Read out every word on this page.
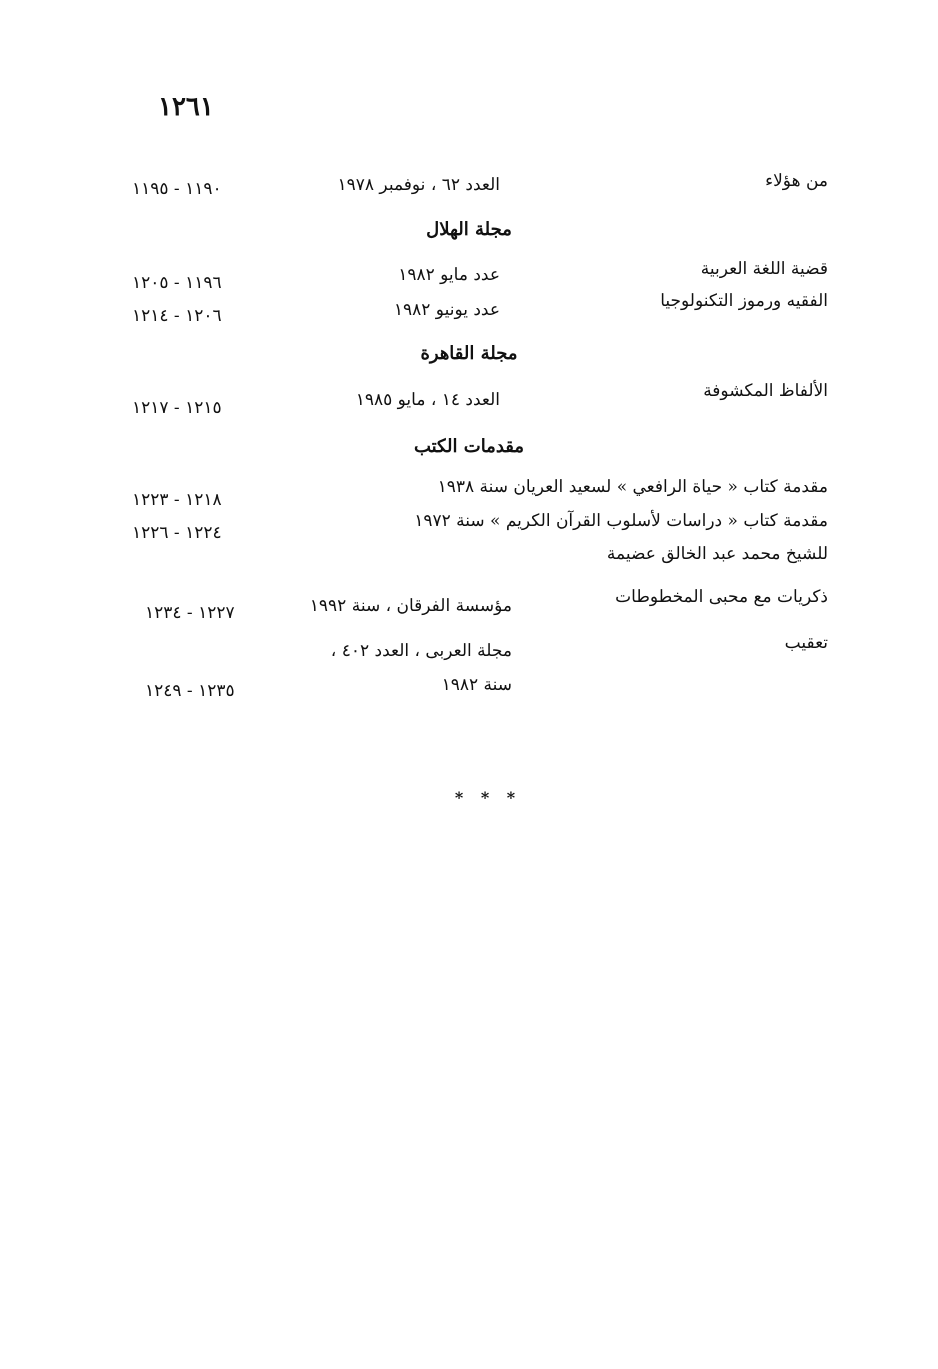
١٢٦١
من هؤلاء
العدد ٦٢ ، نوفمبر ١٩٧٨
١١٩٠ - ١١٩٥
مجلة الهلال
قضية اللغة العربية
عدد مايو ١٩٨٢
١١٩٦ - ١٢٠٥
الفقيه ورموز التكنولوجيا
عدد يونيو ١٩٨٢
١٢٠٦ - ١٢١٤
مجلة القاهرة
الألفاظ المكشوفة
العدد ١٤ ، مايو ١٩٨٥
١٢١٥ - ١٢١٧
مقدمات الكتب
مقدمة كتاب « حياة الرافعي » لسعيد العريان سنة ١٩٣٨
١٢١٨ - ١٢٢٣
مقدمة كتاب « دراسات لأسلوب القرآن الكريم » سنة ١٩٧٢
١٢٢٤ - ١٢٢٦
للشيخ محمد عبد الخالق عضيمة
ذكريات مع محبى المخطوطات
مؤسسة الفرقان ، سنة ١٩٩٢
١٢٢٧ - ١٢٣٤
تعقيب
مجلة العربى ، العدد ٤٠٢ ،
سنة ١٩٨٢
١٢٣٥ - ١٢٤٩
* * *
